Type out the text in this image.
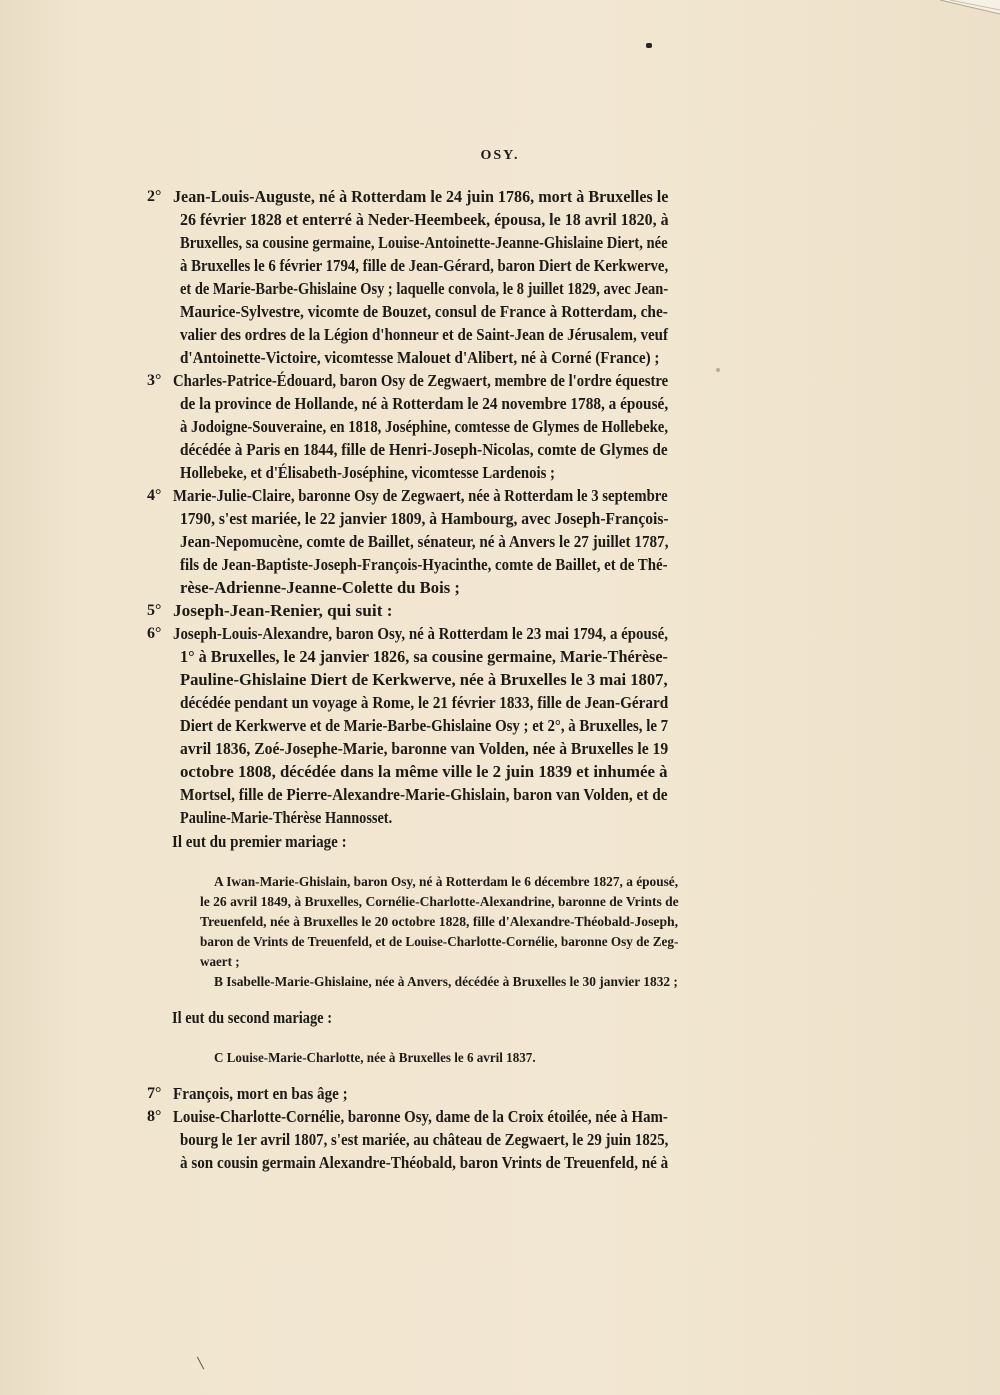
OSY.
2° Jean-Louis-Auguste, né à Rotterdam le 24 juin 1786, mort à Bruxelles le
26 février 1828 et enterré à Neder-Heembeek, épousa, le 18 avril 1820, à
Bruxelles, sa cousine germaine, Louise-Antoinette-Jeanne-Ghislaine Diert, née
à Bruxelles le 6 février 1794, fille de Jean-Gérard, baron Diert de Kerkwerve,
et de Marie-Barbe-Ghislaine Osy ; laquelle convola, le 8 juillet 1829, avec Jean-
Maurice-Sylvestre, vicomte de Bouzet, consul de France à Rotterdam, che-
valier des ordres de la Légion d'honneur et de Saint-Jean de Jérusalem, veuf
d'Antoinette-Victoire, vicomtesse Malouet d'Alibert, né à Corné (France) ;
3° Charles-Patrice-Édouard, baron Osy de Zegwaert, membre de l'ordre équestre
de la province de Hollande, né à Rotterdam le 24 novembre 1788, a épousé,
à Jodoigne-Souveraine, en 1818, Joséphine, comtesse de Glymes de Hollebeke,
décédée à Paris en 1844, fille de Henri-Joseph-Nicolas, comte de Glymes de
Hollebeke, et d'Élisabeth-Joséphine, vicomtesse Lardenois ;
4° Marie-Julie-Claire, baronne Osy de Zegwaert, née à Rotterdam le 3 septembre
1790, s'est mariée, le 22 janvier 1809, à Hambourg, avec Joseph-François-
Jean-Nepomucène, comte de Baillet, sénateur, né à Anvers le 27 juillet 1787,
fils de Jean-Baptiste-Joseph-François-Hyacinthe, comte de Baillet, et de Thé-
rèse-Adrienne-Jeanne-Colette du Bois ;
5° Joseph-Jean-Renier, qui suit :
6° Joseph-Louis-Alexandre, baron Osy, né à Rotterdam le 23 mai 1794, a épousé,
1° à Bruxelles, le 24 janvier 1826, sa cousine germaine, Marie-Thérèse-
Pauline-Ghislaine Diert de Kerkwerve, née à Bruxelles le 3 mai 1807,
décédée pendant un voyage à Rome, le 21 février 1833, fille de Jean-Gérard
Diert de Kerkwerve et de Marie-Barbe-Ghislaine Osy ; et 2°, à Bruxelles, le 7
avril 1836, Zoé-Josephe-Marie, baronne van Volden, née à Bruxelles le 19
octobre 1808, décédée dans la même ville le 2 juin 1839 et inhumée à
Mortsel, fille de Pierre-Alexandre-Marie-Ghislain, baron van Volden, et de
Pauline-Marie-Thérèse Hannosset.
Il eut du premier mariage :
A Iwan-Marie-Ghislain, baron Osy, né à Rotterdam le 6 décembre 1827, a épousé,
le 26 avril 1849, à Bruxelles, Cornélie-Charlotte-Alexandrine, baronne de Vrints de
Treuenfeld, née à Bruxelles le 20 octobre 1828, fille d'Alexandre-Théobald-Joseph,
baron de Vrints de Treuenfeld, et de Louise-Charlotte-Cornélie, baronne Osy de Zeg-
waert ;
B Isabelle-Marie-Ghislaine, née à Anvers, décédée à Bruxelles le 30 janvier 1832 ;
Il eut du second mariage :
C Louise-Marie-Charlotte, née à Bruxelles le 6 avril 1837.
7° François, mort en bas âge ;
8° Louise-Charlotte-Cornélie, baronne Osy, dame de la Croix étoilée, née à Ham-
bourg le 1er avril 1807, s'est mariée, au château de Zegwaert, le 29 juin 1825,
à son cousin germain Alexandre-Théobald, baron Vrints de Treuenfeld, né à
